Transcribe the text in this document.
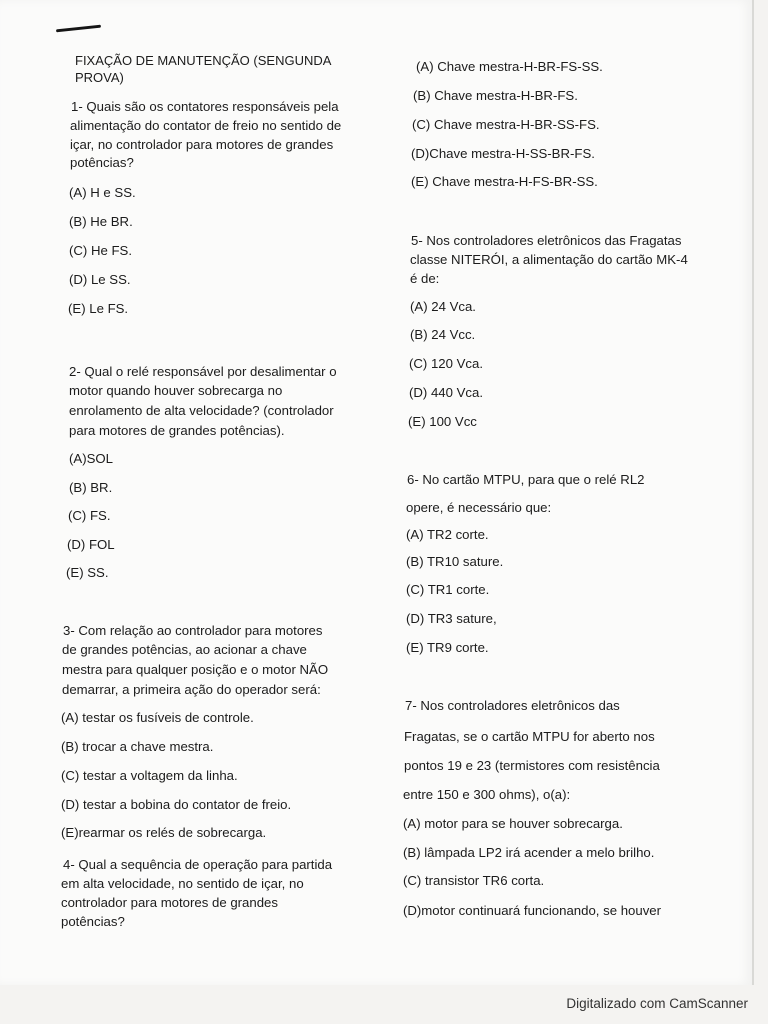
FIXAÇÃO DE MANUTENÇÃO (SENGUNDA
PROVA)
1- Quais são os contatores responsáveis pela
alimentação do contator de freio no sentido de
içar, no controlador para motores de grandes
potências?
(A) H e SS.
(B) He BR.
(C) He FS.
(D) Le SS.
(E) Le FS.
2- Qual o relé responsável por desalimentar o
motor quando houver sobrecarga no
enrolamento de alta velocidade? (controlador
para motores de grandes potências).
(A)SOL
(B) BR.
(C) FS.
(D) FOL
(E) SS.
3- Com relação ao controlador para motores
de grandes potências, ao acionar a chave
mestra para qualquer posição e o motor NÃO
demarrar, a primeira ação do operador será:
(A) testar os fusíveis de controle.
(B) trocar a chave mestra.
(C) testar a voltagem da linha.
(D) testar a bobina do contator de freio.
(E)rearmar os relés de sobrecarga.
4- Qual a sequência de operação para partida
em alta velocidade, no sentido de içar, no
controlador para motores de grandes
potências?
(A) Chave mestra-H-BR-FS-SS.
(B) Chave mestra-H-BR-FS.
(C) Chave mestra-H-BR-SS-FS.
(D)Chave mestra-H-SS-BR-FS.
(E) Chave mestra-H-FS-BR-SS.
5- Nos controladores eletrônicos das Fragatas
classe NITERÓI, a alimentação do cartão MK-4
é de:
(A) 24 Vca.
(B) 24 Vcc.
(C) 120 Vca.
(D) 440 Vca.
(E) 100 Vcc
6- No cartão MTPU, para que o relé RL2
opere, é necessário que:
(A) TR2 corte.
(B) TR10 sature.
(C) TR1 corte.
(D) TR3 sature,
(E) TR9 corte.
7- Nos controladores eletrônicos das
Fragatas, se o cartão MTPU for aberto nos
pontos 19 e 23 (termistores com resistência
entre 150 e 300 ohms), o(a):
(A) motor para se houver sobrecarga.
(B) lâmpada LP2 irá acender a melo brilho.
(C) transistor TR6 corta.
(D)motor continuará funcionando, se houver
Digitalizado com CamScanner
